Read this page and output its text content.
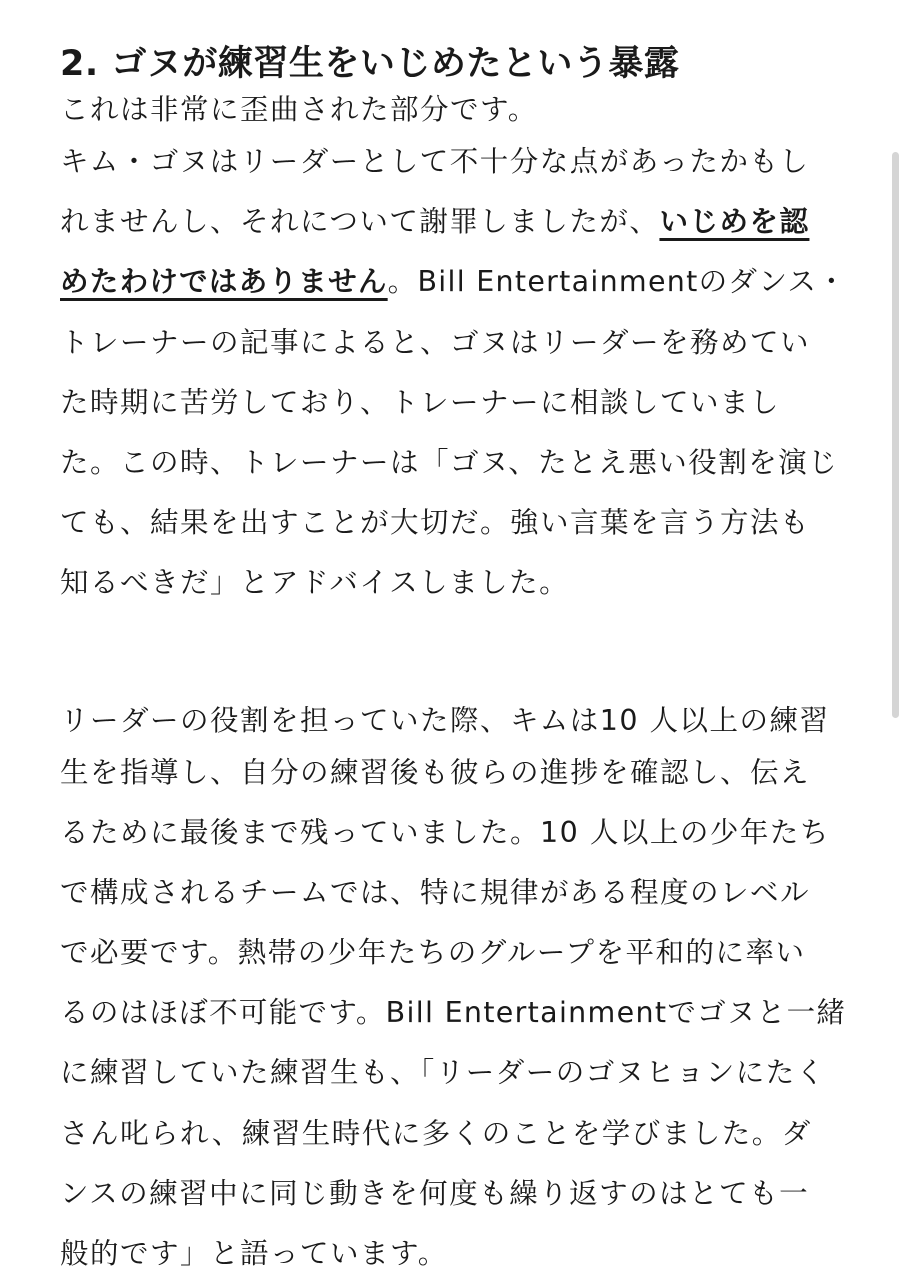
2. ゴヌが練習生をいじめたという暴露
これは非常に歪曲された部分です。
キム・ゴヌはリーダーとして不十分な点があったかもし
れませんし、それについて謝罪しましたが、いじめを認
めたわけではありません。Bill Entertainmentのダンス・
トレーナーの記事によると、ゴヌはリーダーを務めてい
た時期に苦労しており、トレーナーに相談していまし
た。この時、トレーナーは「ゴヌ、たとえ悪い役割を演じ
ても、結果を出すことが大切だ。強い言葉を言う方法も
知るべきだ」とアドバイスしました。
リーダーの役割を担っていた際、キムは10 人以上の練習
生を指導し、自分の練習後も彼らの進捗を確認し、伝え
るために最後まで残っていました。10 人以上の少年たち
で構成されるチームでは、特に規律がある程度のレベル
で必要です。熱帯の少年たちのグループを平和的に率い
るのはほぼ不可能です。Bill Entertainmentでゴヌと一緒
に練習していた練習生も、「リーダーのゴヌヒョンにたく
さん叱られ、練習生時代に多くのことを学びました。ダ
ンスの練習中に同じ動きを何度も繰り返すのはとても一
般的です」と語っています。
